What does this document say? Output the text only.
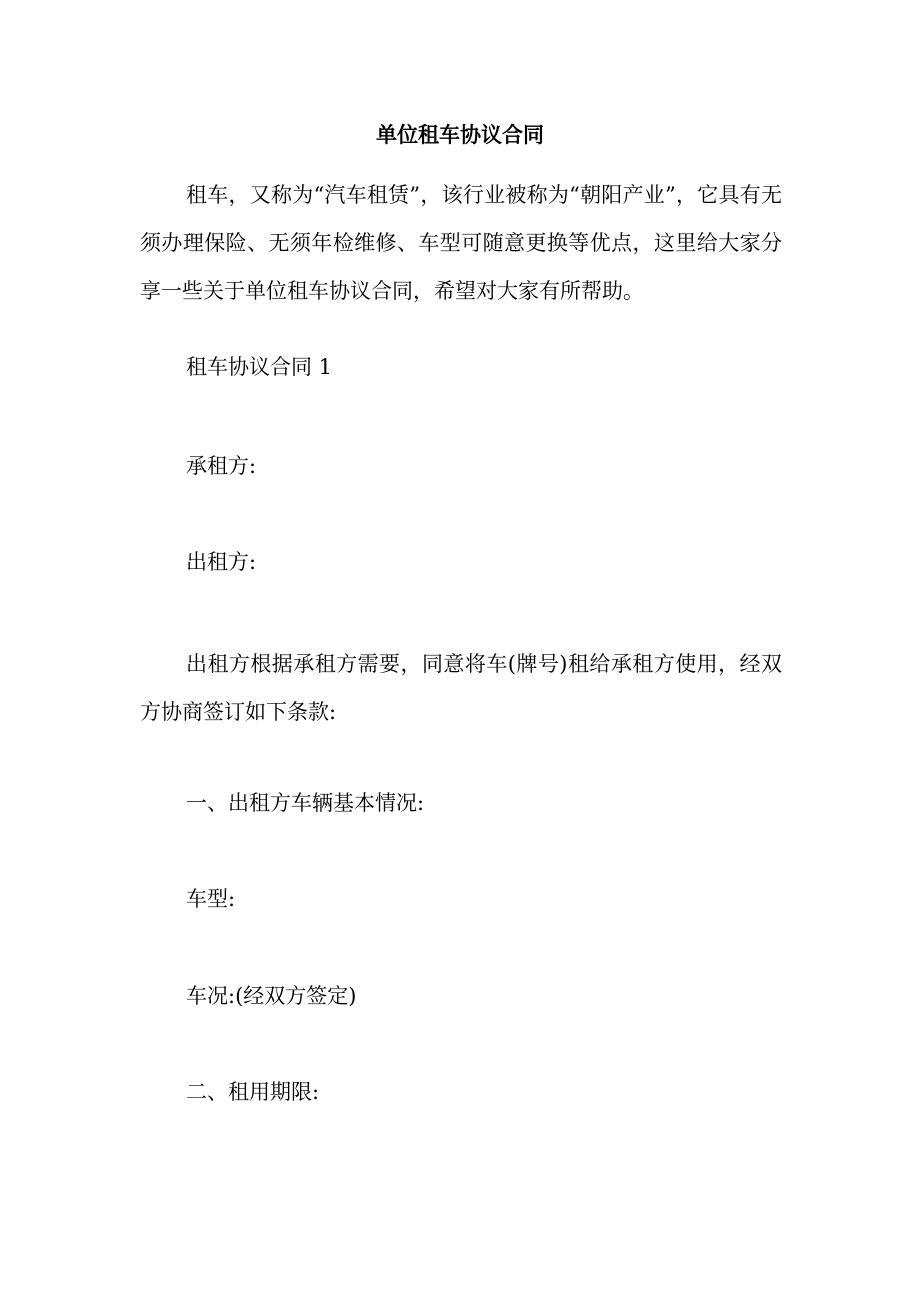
单位租车协议合同

租车，又称为“汽车租赁”，该行业被称为“朝阳产业”，它具有无须办理保险、无须年检维修、车型可随意更换等优点，这里给大家分享一些关于单位租车协议合同，希望对大家有所帮助。

租车协议合同 1

承租方:

出租方:

出租方根据承租方需要，同意将车(牌号)租给承租方使用，经双方协商签订如下条款:

一、出租方车辆基本情况:

车型:

车况:(经双方签定)

二、租用期限:
